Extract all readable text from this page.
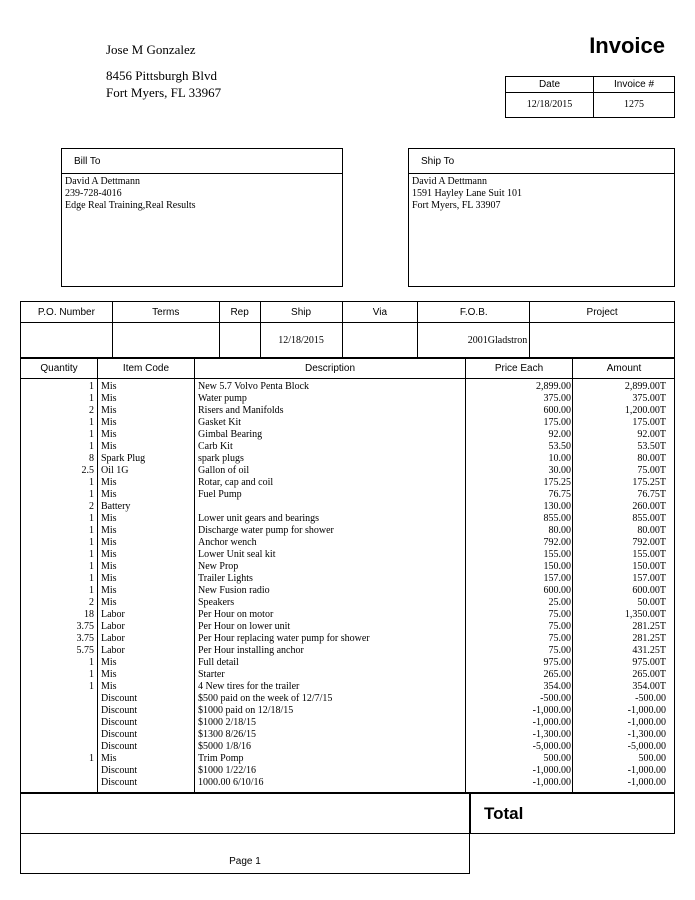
Jose M Gonzalez
8456 Pittsburgh Blvd
Fort Myers, FL 33967
Invoice
Date
12/18/2015
Invoice #
1275
Bill To
David A Dettmann
239-728-4016
Edge Real Training,Real Results
Ship To
David A Dettmann
1591 Hayley Lane Suit 101
Fort Myers, FL 33907
P.O. Number	Terms	Rep	Ship	Via	F.O.B.	Project
			12/18/2015		2001Gladstron	
Quantity	Item Code	Description	Price Each	Amount
1 Mis	New 5.7 Volvo Penta Block	2,899.00	2,899.00T
1 Mis	Water pump	375.00	375.00T
2 Mis	Risers and Manifolds	600.00	1,200.00T
1 Mis	Gasket Kit	175.00	175.00T
1 Mis	Gimbal Bearing	92.00	92.00T
1 Mis	Carb Kit	53.50	53.50T
8 Spark Plug	spark plugs	10.00	80.00T
2.5 Oil 1G	Gallon of oil	30.00	75.00T
1 Mis	Rotar, cap and coil	175.25	175.25T
1 Mis	Fuel Pump	76.75	76.75T
2 Battery	130.00	260.00T
1 Mis	Lower unit gears and bearings	855.00	855.00T
1 Mis	Discharge water pump for shower	80.00	80.00T
1 Mis	Anchor wench	792.00	792.00T
1 Mis	Lower Unit seal kit	155.00	155.00T
1 Mis	New Prop	150.00	150.00T
1 Mis	Trailer Lights	157.00	157.00T
1 Mis	New Fusion radio	600.00	600.00T
2 Mis	Speakers	25.00	50.00T
18 Labor	Per Hour on motor	75.00	1,350.00T
3.75 Labor	Per Hour on lower unit	75.00	281.25T
3.75 Labor	Per Hour replacing water pump for shower	75.00	281.25T
5.75 Labor	Per Hour installing anchor	75.00	431.25T
1 Mis	Full detail	975.00	975.00T
1 Mis	Starter	265.00	265.00T
1 Mis	4 New tires for the trailer	354.00	354.00T
Discount	$500 paid on the week of 12/7/15	-500.00	-500.00
Discount	$1000 paid on 12/18/15	-1,000.00	-1,000.00
Discount	$1000 2/18/15	-1,000.00	-1,000.00
Discount	$1300 8/26/15	-1,300.00	-1,300.00
Discount	$5000 1/8/16	-5,000.00	-5,000.00
1 Mis	Trim Pomp	500.00	500.00
Discount	$1000 1/22/16	-1,000.00	-1,000.00
Discount	1000.00 6/10/16	-1,000.00	-1,000.00
Page 1
Total
